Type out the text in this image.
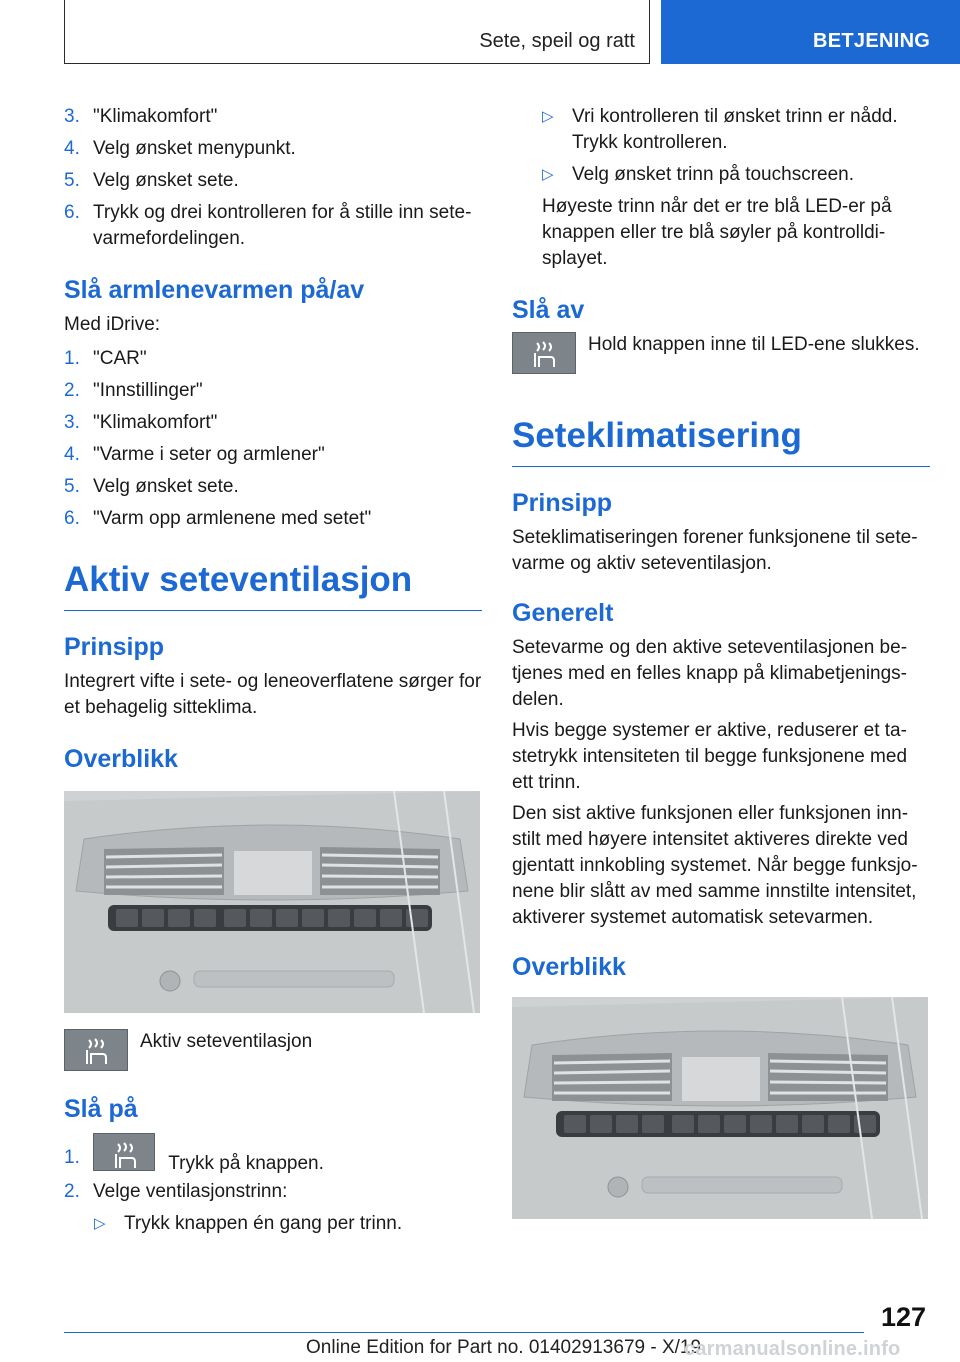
Sete, speil og ratt	BETJENING
3. "Klimakomfort"
4. Velg ønsket menypunkt.
5. Velg ønsket sete.
6. Trykk og drei kontrolleren for å stille inn sete-varmefordelingen.
Slå armlenevarmen på/av
Med iDrive:
1. "CAR"
2. "Innstillinger"
3. "Klimakomfort"
4. "Varme i seter og armlener"
5. Velg ønsket sete.
6. "Varm opp armlenene med setet"
Aktiv seteventilasjon
Prinsipp
Integrert vifte i sete- og leneoverflatene sørger for et behagelig sitteklima.
Overblikk
Aktiv seteventilasjon
Slå på
1.	Trykk på knappen.
2. Velge ventilasjonstrinn:
▷ Trykk knappen én gang per trinn.
▷ Vri kontrolleren til ønsket trinn er nådd. Trykk kontrolleren.
▷ Velg ønsket trinn på touchscreen.
Høyeste trinn når det er tre blå LED-er på knappen eller tre blå søyler på kontrolldi-splayet.
Slå av
Hold knappen inne til LED-ene slukkes.
Seteklimatisering
Prinsipp
Seteklimatiseringen forener funksjonene til sete-varme og aktiv seteventilasjon.
Generelt
Setevarme og den aktive seteventilasjonen be-tjenes med en felles knapp på klimabetjenings-delen.
Hvis begge systemer er aktive, reduserer et ta-stetrykk intensiteten til begge funksjonene med ett trinn.
Den sist aktive funksjonen eller funksjonen inn-stilt med høyere intensitet aktiveres direkte ved gjentatt innkobling systemet. Når begge funksjo-nene blir slått av med samme innstilte intensitet, aktiverer systemet automatisk setevarmen.
Overblikk
127
Online Edition for Part no. 01402913679 - X/19
carmanualsonline.info
